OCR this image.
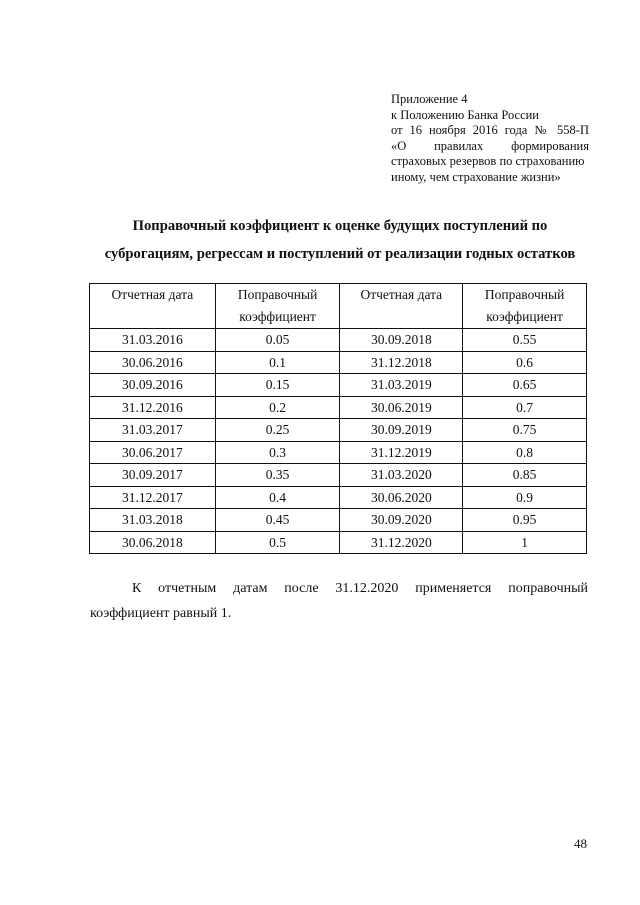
Приложение 4
к Положению Банка России
от 16 ноября 2016 года № 558-П
«О правилах формирования
страховых резервов по страхованию
иному, чем страхование жизни»
Поправочный коэффициент к оценке будущих поступлений по
суброгациям, регрессам и поступлений от реализации годных остатков
Отчетная дата	Поправочный коэффициент	Отчетная дата	Поправочный коэффициент
31.03.2016	0.05	30.09.2018	0.55
30.06.2016	0.1	31.12.2018	0.6
30.09.2016	0.15	31.03.2019	0.65
31.12.2016	0.2	30.06.2019	0.7
31.03.2017	0.25	30.09.2019	0.75
30.06.2017	0.3	31.12.2019	0.8
30.09.2017	0.35	31.03.2020	0.85
31.12.2017	0.4	30.06.2020	0.9
31.03.2018	0.45	30.09.2020	0.95
30.06.2018	0.5	31.12.2020	1
К отчетным датам после 31.12.2020 применяется поправочный
коэффициент равный 1.
48
